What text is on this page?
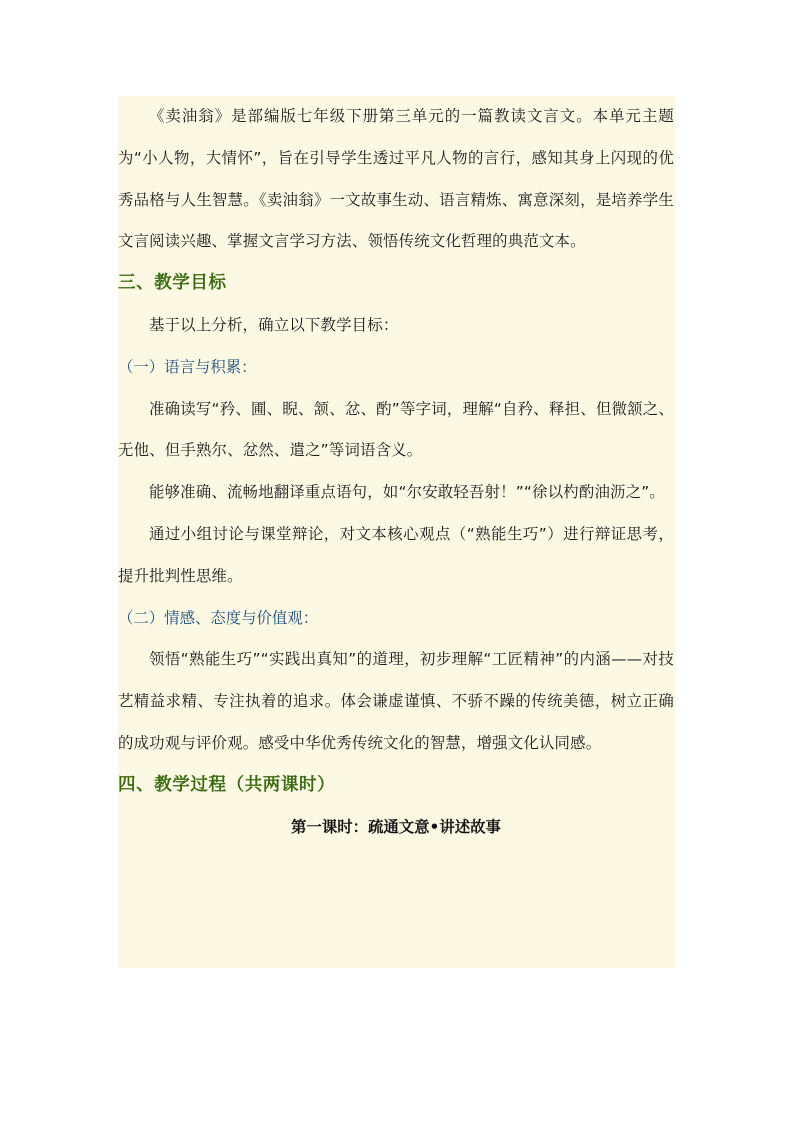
《卖油翁》是部编版七年级下册第三单元的一篇教读文言文。本单元主题为“小人物，大情怀”，旨在引导学生透过平凡人物的言行，感知其身上闪现的优秀品格与人生智慧。《卖油翁》一文故事生动、语言精炼、寓意深刻，是培养学生文言阅读兴趣、掌握文言学习方法、领悟传统文化哲理的典范文本。

三、教学目标

基于以上分析，确立以下教学目标：

（一）语言与积累：

准确读写“矜、圃、睨、颔、忿、酌”等字词，理解“自矜、释担、但微颔之、无他、但手熟尔、忿然、遣之”等词语含义。

能够准确、流畅地翻译重点语句，如“尔安敢轻吾射！”“徐以杓酌油沥之”。

通过小组讨论与课堂辩论，对文本核心观点（“熟能生巧”）进行辩证思考，提升批判性思维。

（二）情感、态度与价值观：

领悟“熟能生巧”“实践出真知”的道理，初步理解“工匠精神”的内涵——对技艺精益求精、专注执着的追求。体会谦虚谨慎、不骄不躁的传统美德，树立正确的成功观与评价观。感受中华优秀传统文化的智慧，增强文化认同感。

四、教学过程（共两课时）
第一课时：疏通文意•讲述故事
